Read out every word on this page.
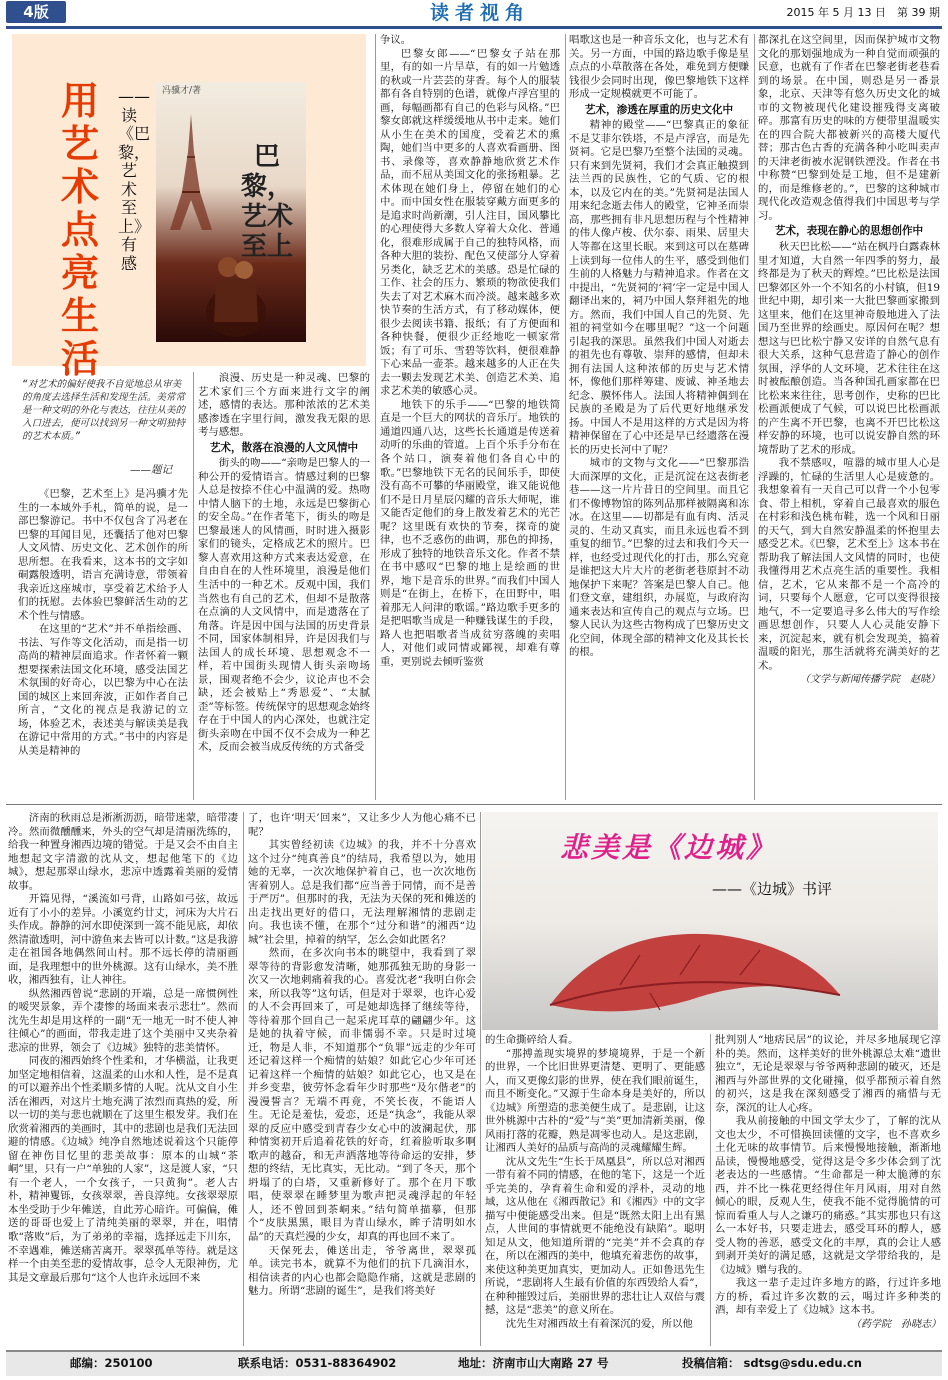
4版	读者视角	2015 年 5 月 13 日　第 39 期
用艺术点亮生活
——读《巴黎，艺术至上》有感
冯骥才/著
巴黎，艺术至上
“对艺术的偏好使我不自觉地总从审美的角度去选择生活和发现生活。美常常是一种文明的外化与表达，往往从美的入口进去，便可以找到另一种文明独特的艺术本质。”
——题记

《巴黎，艺术至上》是冯骥才先生的一本域外手札，简单的说，是一部巴黎游记。书中不仅包含了冯老在巴黎的耳闻目见，还囊括了他对巴黎人文风情、历史文化、艺术创作的所思所想。在我看来，这本书的文字如硐露般透明，语言充满诗意，带领着我亲近这座城市，享受着艺术给予人们的抚慰。去体验巴黎鲜活生动的艺术个性与情感。

在这里的“艺术”并不单指绘画、书法、写作等文化活动，而是指一切高尚的精神层面追求。作者怀着一颗想要探索法国文化环境，感受法国艺术氛围的好奇心，以巴黎为中心在法国的城区上来回奔波，正如作者自己所言，“文化的视点是我游记的立场，体验艺术，表述美与解读美是我在游记中常用的方式。”书中的内容是从美是精神的

浪漫、历史是一种灵魂、巴黎的艺术家们三个方面来进行文字的阐述，感情的表达。那种浓浓的艺术美感渗透在字里行间，激发我无限的思考与感想。

艺术，散落在浪漫的人文风情中

街头的吻——“亲吻是巴黎人的一种公开的爱情语言。情感过剩的巴黎人总是按捺不住心中温满的爱。热吻中情人脑下的土地，永远是巴黎街心的安全岛。”在作者笔下，街头的吻是巴黎最迷人的风情画，时时进入摄影家们的镜头，定格成艺术的照片。巴黎人喜欢用这种方式来表达爱意，在自由自在的人性环境里，浪漫是他们生活中的一种艺术。反观中国，我们当然也有自己的艺术，但却不是散落在点滴的人文风情中，而是遗落在了角落。许是因中国与法国的历史背景不同，国家体制相异，许是因我们与法国人的成长环境、思想观念不一样，若中国街头现情人街头亲吻场景，围观者绝不会少，议论声也不会缺，还会被贴上“秀恩爱”、“太腻歪”等标签。传统保守的思想观念始终存在于中国人的内心深处，也就注定街头亲吻在中国不仅不会成为一种艺术，反而会被当成反传统的方式备受

争议。

巴黎女郎——“巴黎女子站在那里，有的如一片旱草，有的如一片勉透的秋或一片芸芸的芽香。每个人的服装都有各自特别的色谱，就像卢浮宫里的画，每幅画都有自己的色彩与风格。”巴黎女郎就这样缓缓地从书中走来。她们从小生在美术的国度，受着艺术的熏陶，她们当中更多的人喜欢看画册、图书、录像等，喜欢静静地欣赏艺术作品，而不屈从美国文化的张扬粗暴。艺术体现在她们身上，停留在她们的心中。而中国女性在服装穿戴方面更多的是追求时尚新潮，引人注目，国风攀比的心理使得大多数人穿着大众化、普通化，很难形成属于自己的独特风格，而各种大胆的装扮、配色又使部分人穿着另类化，缺乏艺术的美感。恐是忙碌的工作、社会的压力、繁琐的物欲使我们失去了对艺术麻木而冷淡。越来越多欢快节奏的生活方式，有了移动媒体，便很少去阅读书籍、报纸；有了方便面和各种快餐，便很少正经地吃一顿家常饭；有了可乐、雪碧等饮料，便很难静下心来品一壶茶。越来越多的人正在失去一颗去发现艺术美、创造艺术美、追求艺术美的敏感心灵。

地铁下的乐手——“巴黎的地铁简直是一个巨大的网状的音乐厅。地铁的通道四通八达，这些长长通道是传送着动听的乐曲的管道。上百个乐手分布在各个站口，演奏着他们各自心中的歌。”巴黎地铁下无名的民间乐手，即使没有高不可攀的华丽殿堂，谁又能说他们不是日月星辰闪耀的音乐大师呢，谁又能否定他们的身上散发着艺术的光芒呢？这里既有欢快的节奏，探奇的旋律，也不乏惑伤的曲调，那色的抑扬，形成了独特的地铁音乐文化。作者不禁在书中感叹“巴黎的地上是绘画的世界，地下是音乐的世界。”而我们中国人则是“在街上，在桥下，在田野中，唱着那无人问津的歌谣。”路边歌手更多的是把唱歌当成是一种赚钱谋生的手段，路人也把唱歌者当成贫穷落魄的卖唱人，对他们或同情或鄙视，却难有尊重，更别说去倾听鉴赏

唱歌这也是一种音乐文化，也与艺术有关。另一方面，中国的路边歌手像是星点点的小草散落在各处，难免到方便赚钱很少会同时出现，像巴黎地铁下这样形成一定规模就更不可能了。

艺术，渗透在厚重的历史文化中

精神的殿堂——“巴黎真正的象征不是艾菲尔铁塔，不是卢浮宫，而是先贤祠。它是巴黎乃至整个法国的灵魂。只有来到先贤祠，我们才会真正触摸到法兰西的民族性，它的气质、它的根本，以及它内在的美。”先贤祠是法国人用来纪念逝去伟人的殿堂，它神圣而崇高，那些拥有非凡思想历程与个性精神的伟人像卢梭、伏尔泰、雨果、居里夫人等都在这里长眠。来到这可以在墓碑上读到每一位伟人的生平，感受到他们生前的人格魅力与精神追求。作者在文中提出，“先贤祠的‘祠’字一定是中国人翻译出来的，祠乃中国人祭拜祖先的地方。然而，我们中国人自己的先贤、先祖的祠堂如今在哪里呢？”这一个问题引起我的深思。虽然我们中国人对逝去的祖先也有尊敬、崇拜的感情，但却未拥有法国人这种浓郁的历史与艺术情怀，像他们那样筹建、废诚、神圣地去纪念、膜怀伟人。法国人将精神偶到在民族的圣殿是为了后代更好地继承发扬。中国人不是用这样的方式是因为将精神保留在了心中还是早已经遗落在漫长的历史长河中了呢？

城市的文物与文化——“巴黎那浩大而深厚的文化，正是沉淀在这表街老巷——这一片片昔日的空间里。而且它们不像博物馆的陈列品那样被隔离和冻冰。在这里——切都是有血有肉、活灵灵的、生动又真实，而且永远也看不到重复的细节。”巴黎的过去和我们今天一样，也经受过现代化的打击，那么究竟是谁把这大片大片的老街老巷原封不动地保护下来呢？答案是巴黎人自己。他们登文章，建组织，办展览，与政府沟通来表达和宣传自己的观点与立场。巴黎人民认为这些古物构成了巴黎历史文化空间，体现全部的精神文化及其长长的根。

都深扎在这空间里，因而保护城市文物文化的那划强地成为一种自觉而顽强的民意，也就有了作者在巴黎老街老巷看到的场景。在中国，则恐是另一番景象，北京、天津等有悠久历史文化的城市的文物被现代化建设摧残得支离破碎。那富有历史的味的方便带里温暖实在的四合院大都被新兴的高楼大厦代替；那古色古香的充满各种小吃叫卖声的天津老街被水泥钢铁湮没。作者在书中称赞“巴黎到处是工地，但不是建新的，而是维修老的。”，巴黎的这种城市现代化改造观念值得我们中国思考与学习。

艺术，表现在静心的思想创作中

秋天巴比松——“站在枫丹白露森林里才知道，大自然一年四季的努力，最终都是为了秋天的辉煌。”巴比松是法国巴黎郊区外一个不知名的小村镇，但19世纪中期，却引来一大批巴黎画家搬到这里来，他们在这里神奇般地进入了法国乃至世界的绘画史。原因何在呢？想想这与巴比松宁静又安详的自然气息有很大关系，这种气息营造了静心的创作氛围，浮华的人文环境，艺术往往在这时被酝酿创造。当各种国孔画家都在巴比松来来往往，思考创作，史称的巴比松画派便成了气候，可以说巴比松画派的产生离不开巴黎，也离不开巴比松这样安静的环境，也可以说安静自然的环境帮助了艺术的形成。

我不禁感叹，喧嚣的城市里人心是浮躁的，忙碌的生活里人心是疲惫的。我想象着有一天自己可以背一个小包零食、带上相机，穿着自己最喜欢的服色在村彩和浅色桃布鞋，选一个风和日丽的天气，到大自然安静温柔的怀抱里去感受艺术。《巴黎，艺术至上》这本书在帮助我了解法国人文风情的同时，也使我懂得用艺术点亮生活的重要性。我相信，艺术，它从来都不是一个高冷的词，只要每个人愿意，它可以变得很接地气，不一定要追寻多么伟大的写作绘画思想创作，只要人人心灵能安静下来，沉淀起来，就有机会发现美，搞着温暖的阳光，那生活就将充满美好的艺术。

（文学与新闻传播学院　赵晓）

济南的秋雨总是淅淅沥沥，暗带迷蒙，暗带凄冷。然而微醺醺来，外头的空气却是清丽洗练的，给我一种置身湘西边境的错觉。于是又会不由自主地想起文字清澈的沈从文，想起他笔下的《边城》，想起那翠山绿水，悲凉中透露着美丽的爱情故事。

开篇见得，“溪流如弓背，山路如弓弦，故远近有了小小的差异。小溪宽约廿丈，河床为大片石头作成。静静的河水即使深到一篙不能见底，却依然清澈透明，河中游鱼来去皆可以计数。”这是我游走在祖国各地偶然间山村。那不远长停的清丽画面，是我理想中的世外桃源。这有山绿水，美不胜收，湘西独有，让人神往。

纵然湘西曾说“悲剧的开端，总是一席惯例性的嗳哭景象，弄个凄惨的场面来表示悲壮”。然而沈先生却是用这样的一副“无一地无一时不使人神往倾心”的画面，带我走进了这个美丽中又夹杂着悲凉的世界，领会了《边城》独特的悲美情怀。

同夜的湘西始终个性柔和，才华横溢，让我更加坚定地相信着，这温柔的山水和人性，是不是真的可以避养出个性柔顺多情的人呢。沈从文自小生活在湘西，对这片土地充满了浓烈而真热的爱，所以一切的美与悲也就顺在了这里生根发芽。我们在欣赏着湘西的美画时，其中的悲剧也是我们无法回避的情感。《边城》纯净自然地述说着这个只能停留在神伤目忆里的悲美故事：原本的山城“茶峒”里，只有一户“单独的人家”，这是渡人家，“只有一个老人，一个女孩子，一只黄狗”。老人古朴，精神矍铄，女孩翠翠，善良淳纯。女孩翠翠原本坐受助于少年傩送，自此芳心暗许。可偏偏，傩送的哥哥也爱上了清纯美丽的翠翠，并在，唱情歌“落败”后，为了弟弟的幸福，选择远走下川东，不幸遇难，傩送痛苦离开。翠翠孤单等待。就是这样一个由美至悲的爱情故事，总令人无限神伤，尤其是文章最后那句“这个人也许永远回不来

了，也许‘明天’回来”，又让多少人为他心痛不已呢？

其实曾经初读《边城》的我，并不十分喜欢这个过分“纯真善良”的结局，我希望以为，她用她的无辜，一次次地保护着自己，也一次次地伤害着别人。总是我们都“应当善于同情，而不是善于严厉”。但那时的我，无法为天保的死和傩送的出走找出更好的借口，无法理解湘情的悲剧走向。我也读不懂，在那个“过分和谐”的湘西“边城”社会里，掉着的纳罕，怎么会如此匿名？

然而，在多次向书本的眺望中，我看到了翠翠等待的背影愈发清晰，她那孤独无助的身影一次又一次地刺痛着我的心。喜爱沈老“我明白你会来，所以我等”这句话，但是对于翠翠，也许心爱的人不会再回来了，可是她却选择了继续等待，等待着那个回自己一起采虎耳草的翩翩少年。这是她的执着守候，而非懦弱不幸。只是时过境迁，物是人非，不知道那个“负罪”远走的少年可还记着这样一个痴情的姑娘？如此它心少年可还记着这样一个痴情的姑娘？如此它心，也又是在并乡变辈，彼劳怀念看年少时那些“及尔偕老”的漫漫誓言？无端不再竟，不笑长夜，不能语人生。无论是羞怯，爱恋，还是“执念”，我能从翠翠的反应中感受到青春少女心中的波澜起伏，那种情窦初开后追着花铁的好奇，红着脸听取多啊歌声的越奋，和无声洒落地等待命运的安排，梦想的终结，无比真实，无比动。“到了冬天，那个坍塌了的白塔，又重新修好了。那个在月下歌唱，使翠翠在睡梦里为歌声把灵魂浮起的年轻人，还不曾回到茶峒来。”结句简单描摹，但那个“皮肤黑黑，眼目为青山绿水，眸子清明如水晶”的天真烂漫的少女，却真的再也回不来了。

天保死去，傩送出走，爷爷离世，翠翠孤单。读完书本，就算不为他们的抗下几滴泪水，相信读者的内心也都会隐隐作痛，这就是悲剧的魅力。所谓“悲剧的诞生”，是我们将美好

悲美是《边城》
——《边城》书评

的生命撕碎给人看。

“那搏盖现实境界的梦境境界，于是一个新的世界，一个比旧世界更清楚、更明了、更能感人，而又更像幻影的世界，使在我们眼前诞生，而且不断变化。”又源于生命本身是美好的，所以《边城》所塑造的悲美便生成了。是悲剧，让这世外桃源中古朴的“爱”与“美”更加清新美丽，像风雨打落的花瓣，熟是凋零也动人。是这悲剧，让湘西人美好的品质与高尚的灵魂耀耀生辉。

沈从文先生“生长于凤凰县”，所以总对湘西一带有着不同的情感，在他的笔下，这是一个近乎完美的，孕育着生命和爱的浮朴，灵动的地域，这从他在《湘西散记》和《湘西》中的文字描写中便能感受出来。但是“既然太阳上出有黑点，人世间的事情就更不能绝没有缺陷”。聪明知足从文，他知道所谓的“完美”并不会真的存在，所以在湘西的美中，他填充着悲伤的故事，来使这种美更加真实，更加动人。正如鲁迅先生所说，“悲剧将人生最有价值的东西毁给人看”，在种种摧毁过后，美丽世界的悲壮让人双倍与震撼，这是“悲美”的意义所在。

沈先生对湘西故土有着深沉的爱，所以他

批判别人“地痞民居”的议论，并尽多地展现它淳朴的美。然而，这样美好的世外桃源总太难“遗世独立”，无论是翠翠与爷爷两种悲剧的破灭，还是湘西与外部世界的文化碰撞，似乎都预示着自然的初兴，这是我在深刻感受了湘西的痛惜与无奈，深沉的让人心疼。

我从前接触的中国文学太少了，了解的沈从文也太少，不可惜换回读懂的文字，也不喜欢乡土化无味的故事情节。后来慢慢地接触，渐渐地品读，慢慢地感受，觉得这是令多少体会到了沈老表达的一些感情。“生命都是一种太脆薄的东西，并不比一株花更经得住年月风雨，用对自然倾心的眼，反观人生，使我不能不觉得脆情的可惊而看重人与人之谦巧的痛惑。”其实那也只有这么一本好书，只要走进去，感受耳环的醇人，感受人物的善恶，感受文化的丰厚，真的会让人感到剥开美好的满足感，这就是文学带给我的，是《边城》赠与我的。

我这一辈子走过许多地方的路，行过许多地方的桥，看过许多次数的云，喝过许多种类的酒，却有幸爱上了《边城》这本书。

（药学院　孙晓志）
邮编：250100	联系电话：0531-88364902	地址：济南市山大南路 27 号	投稿信箱： sdtsg@sdu.edu.cn
